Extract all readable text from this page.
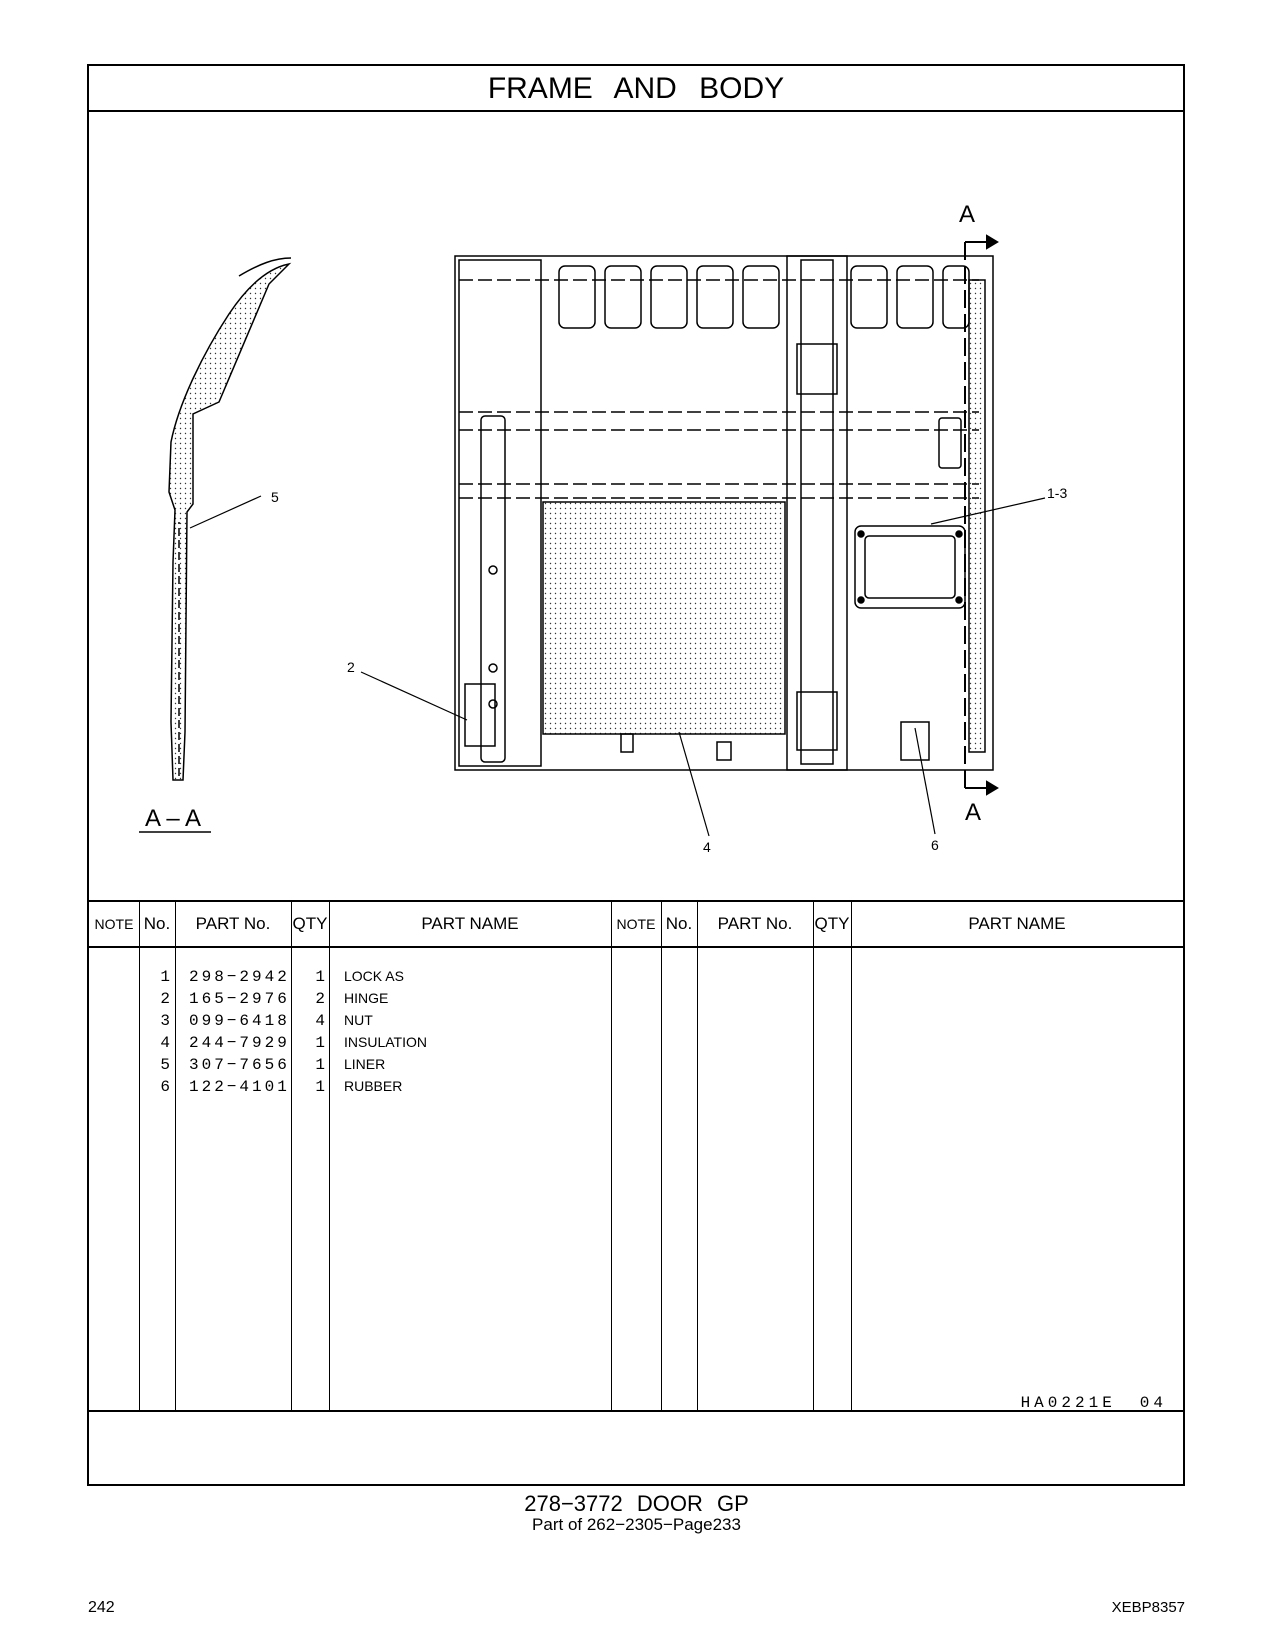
FRAME AND BODY
5
A – A
A
A
2
4	6
1-3
NOTE No.	PART No.	QTY	PART NAME	NOTE No.	PART No.	QTY	PART NAME
1 298−2942	1 LOCK AS
2 165−2976	2 HINGE
3 099−6418	4 NUT
4 244−7929	1 INSULATION
5 307−7656	1 LINER
6 122−4101	1 RUBBER
HA0221E 04
278−3772 DOOR GP
Part of 262−2305−Page233
242	XEBP8357
